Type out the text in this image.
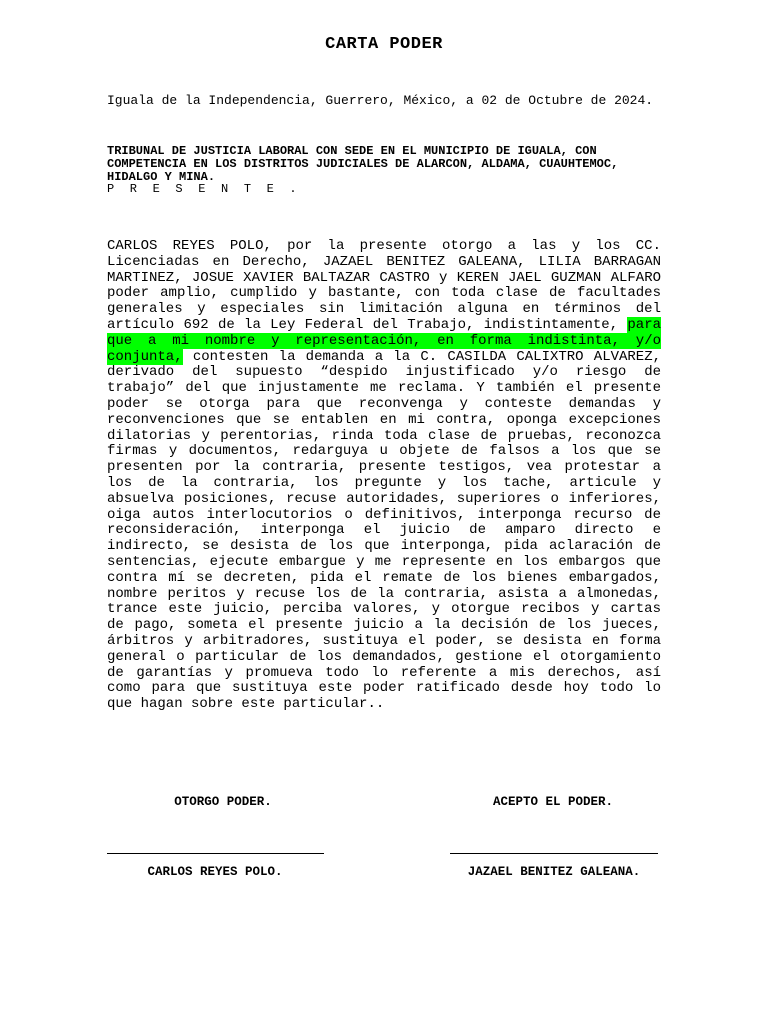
CARTA PODER
Iguala de la Independencia, Guerrero, México, a 02 de Octubre de 2024.
TRIBUNAL DE JUSTICIA LABORAL CON SEDE EN EL MUNICIPIO DE IGUALA, CON COMPETENCIA EN LOS DISTRITOS JUDICIALES DE ALARCON, ALDAMA, CUAUHTEMOC, HIDALGO Y MINA.
P R E S E N T E .
CARLOS REYES POLO, por la presente otorgo a las y los CC. Licenciadas en Derecho, JAZAEL BENITEZ GALEANA, LILIA BARRAGAN MARTINEZ, JOSUE XAVIER BALTAZAR CASTRO y KEREN JAEL GUZMAN ALFARO poder amplio, cumplido y bastante, con toda clase de facultades generales y especiales sin limitación alguna en términos del artículo 692 de la Ley Federal del Trabajo, indistintamente, para que a mi nombre y representación, en forma indistinta, y/o conjunta, contesten la demanda a la C. CASILDA CALIXTRO ALVAREZ, derivado del supuesto “despido injustificado y/o riesgo de trabajo” del que injustamente me reclama. Y también el presente poder se otorga para que reconvenga y conteste demandas y reconvenciones que se entablen en mi contra, oponga excepciones dilatorias y perentorias, rinda toda clase de pruebas, reconozca firmas y documentos, redarguya u objete de falsos a los que se presenten por la contraria, presente testigos, vea protestar a los de la contraria, los pregunte y los tache, articule y absuelva posiciones, recuse autoridades, superiores o inferiores, oiga autos interlocutorios o definitivos, interponga recurso de reconsideración, interponga el juicio de amparo directo e indirecto, se desista de los que interponga, pida aclaración de sentencias, ejecute embargue y me represente en los embargos que contra mí se decreten, pida el remate de los bienes embargados, nombre peritos y recuse los de la contraria, asista a almonedas, trance este juicio, perciba valores, y otorgue recibos y cartas de pago, someta el presente juicio a la decisión de los jueces, árbitros y arbitradores, sustituya el poder, se desista en forma general o particular de los demandados, gestione el otorgamiento de garantías y promueva todo lo referente a mis derechos, así como para que sustituya este poder ratificado desde hoy todo lo que hagan sobre este particular..
OTORGO PODER.	ACEPTO EL PODER.
CARLOS REYES POLO.	JAZAEL BENITEZ GALEANA.
